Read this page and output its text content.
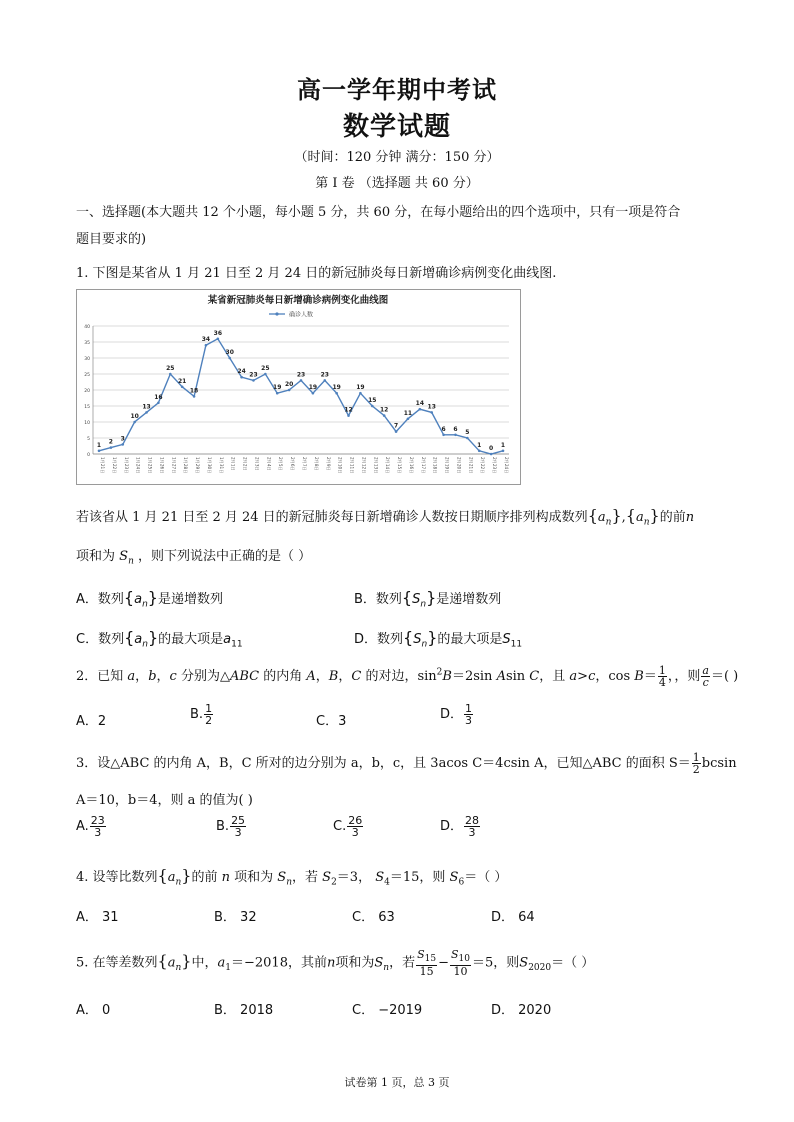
高一学年期中考试
数学试题
（时间：120 分钟 满分：150 分）
第 I 卷 （选择题 共 60 分）
一、选择题(本大题共 12 个小题，每小题 5 分，共 60 分，在每小题给出的四个选项中，只有一项是符合
题目要求的)
1. 下图是某省从 1 月 21 日至 2 月 24 日的新冠肺炎每日新增确诊病例变化曲线图.
某省新冠肺炎每日新增确诊病例变化曲线图
确诊人数
0
5
10
15
20
25
30
35
40
1 2 3
10
13
16
25
21
18
34
36
30
24 23
25
19 20
23
19
23
19
12
19
15
12
7
11
14 13
6 6 5
1 0 1
1月21日 1月22日 1月23日 1月24日 1月25日 1月26日 1月27日 1月28日 1月29日 1月30日 1月31日 2月1日 2月2日 2月3日 2月4日 2月5日 2月6日 2月7日 2月8日 2月9日 2月10日 2月11日 2月12日 2月13日 2月14日 2月15日 2月16日 2月17日 2月18日 2月19日 2月20日 2月21日 2月22日 2月23日 2月24日
若该省从 1 月 21 日至 2 月 24 日的新冠肺炎每日新增确诊人数按日期顺序排列构成数列$\{a_n\},\{a_n\}$的前n
项和为 $S_n$ ，则下列说法中正确的是（ ）
A．数列$\{a_n\}$是递增数列	B．数列$\{S_n\}$是递增数列
C．数列$\{a_n\}$的最大项是$a_{11}$	D．数列$\{S_n\}$的最大项是$S_{11}$
2．已知 a，b，c 分别为△ABC 的内角 A，B，C 的对边，$\sin^2B=2\sin$ Asin C，且 a>c，$\cos B= \frac{1}{4}$ ，，则 $\frac{a}{c}$ ＝( )
A．2	B. $\frac{1}{2}$	C．3	D． $\frac{1}{3}$
3．设△ABC 的内角 A，B，C 所对的边分别为 a，b，c，且 3acos C＝4csin A，已知△ABC 的面积 $S= \frac{1}{2}$ bcsin
A＝10，b＝4，则 a 的值为( )
A. $\frac{23}{3}$	B. $\frac{25}{3}$	C. $\frac{26}{3}$	D． $\frac{28}{3}$
4. 设等比数列$\{a_n\}$的前 n 项和为 $S_n$，若 $S_2=3$， $S_4=15$，则 $S_6=$（ ）
A． 31	B． 32	C． 63	D． 64
5. 在等差数列$\{a_n\}$中，$a_1=-2018$，其前n项和为$S_n$，若 $\frac{S_{15}}{15} - \frac{S_{10}}{10} =5$，则$S_{2020}=$（ ）
A． 0	B． 2018	C． −2019	D． 2020
试卷第 1 页，总 3 页
